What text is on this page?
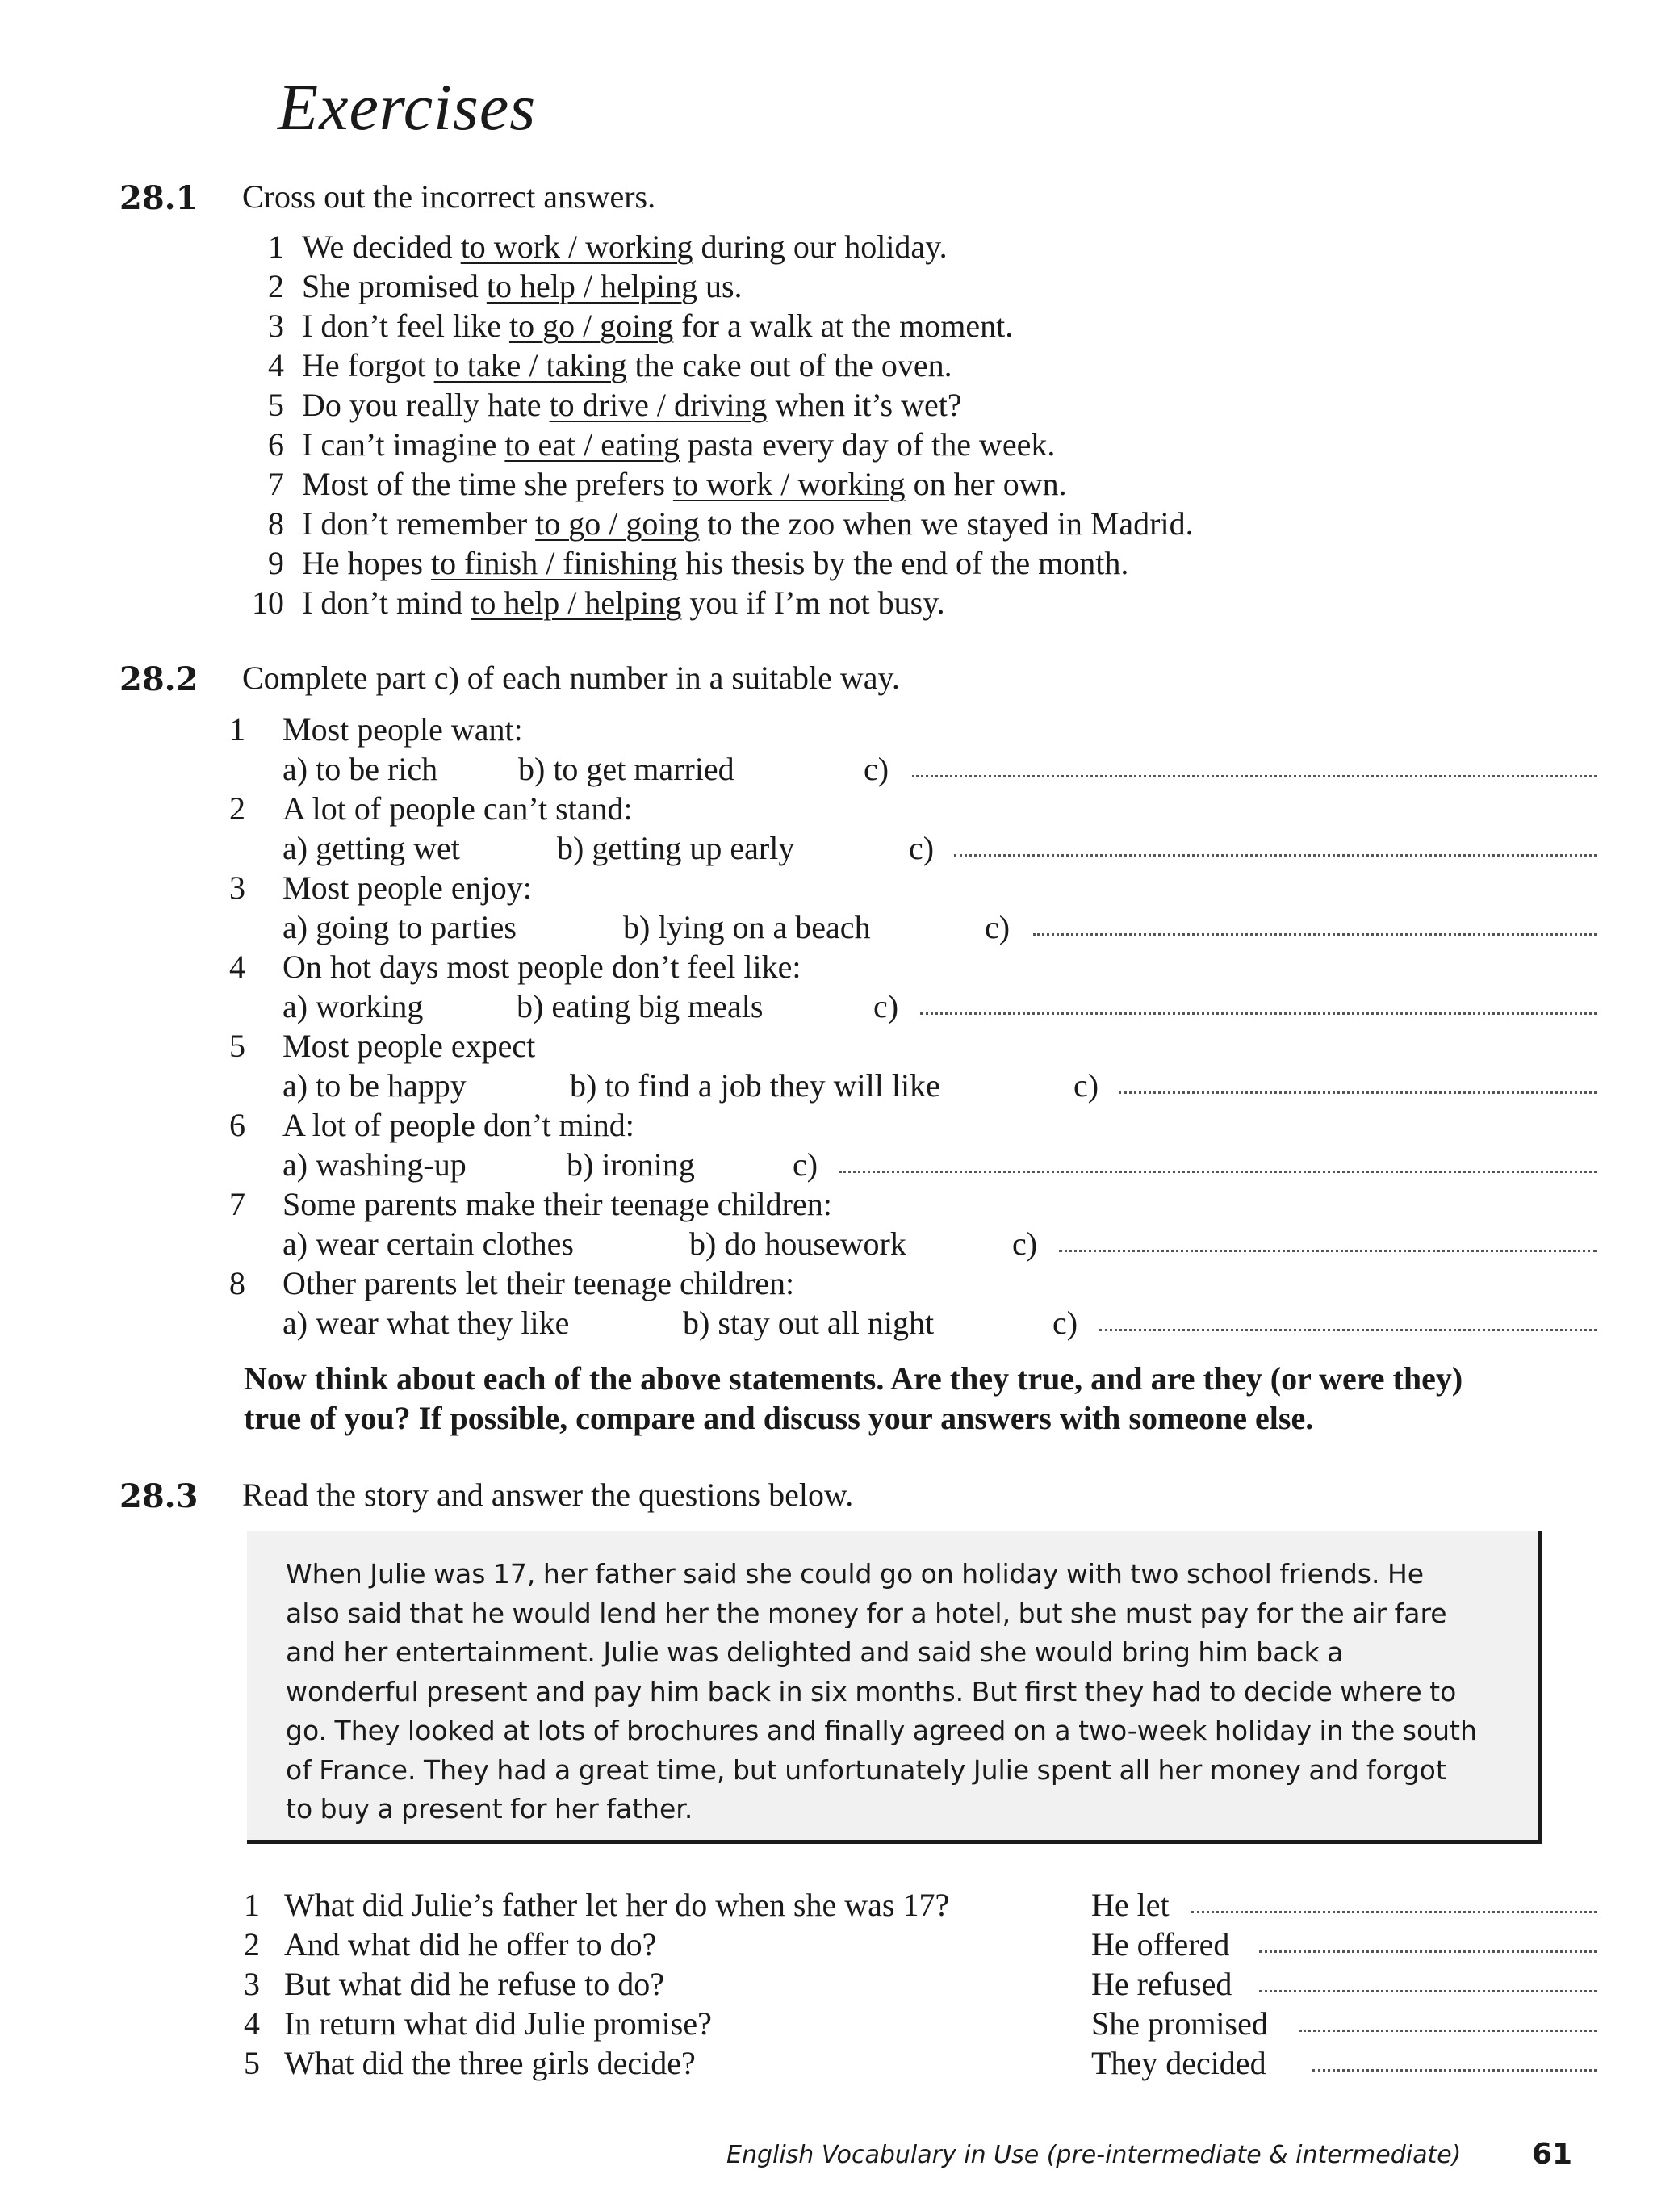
Exercises
28.1 Cross out the incorrect answers.
1 We decided to work / working during our holiday.
2 She promised to help / helping us.
3 I don’t feel like to go / going for a walk at the moment.
4 He forgot to take / taking the cake out of the oven.
5 Do you really hate to drive / driving when it’s wet?
6 I can’t imagine to eat / eating pasta every day of the week.
7 Most of the time she prefers to work / working on her own.
8 I don’t remember to go / going to the zoo when we stayed in Madrid.
9 He hopes to finish / finishing his thesis by the end of the month.
10 I don’t mind to help / helping you if I’m not busy.
28.2 Complete part c) of each number in a suitable way.
1 Most people want:
a) to be rich b) to get married	c)
2 A lot of people can’t stand:
a) getting wet	b) getting up early	c)
3 Most people enjoy:
a) going to parties	b) lying on a beach	c)
4 On hot days most people don’t feel like:
a) working	b) eating big meals	c)
5 Most people expect
a) to be happy	b) to find a job they will like	c)
6 A lot of people don’t mind:
a) washing-up	b) ironing	c)
7 Some parents make their teenage children:
a) wear certain clothes	b) do housework	c)
8 Other parents let their teenage children:
a) wear what they like	b) stay out all night	c)
Now think about each of the above statements. Are they true, and are they (or were they)
true of you? If possible, compare and discuss your answers with someone else.
28.3 Read the story and answer the questions below.
When Julie was 17, her father said she could go on holiday with two school friends. He also said that he would lend her the money for a hotel, but she must pay for the air fare and her entertainment. Julie was delighted and said she would bring him back a wonderful present and pay him back in six months. But first they had to decide where to go. They looked at lots of brochures and finally agreed on a two-week holiday in the south of France. They had a great time, but unfortunately Julie spent all her money and forgot to buy a present for her father.
1 What did Julie’s father let her do when she was 17?	He let
2 And what did he offer to do?	He offered
3 But what did he refuse to do?	He refused
4 In return what did Julie promise?	She promised
5 What did the three girls decide?	They decided
English Vocabulary in Use (pre-intermediate & intermediate) 61
